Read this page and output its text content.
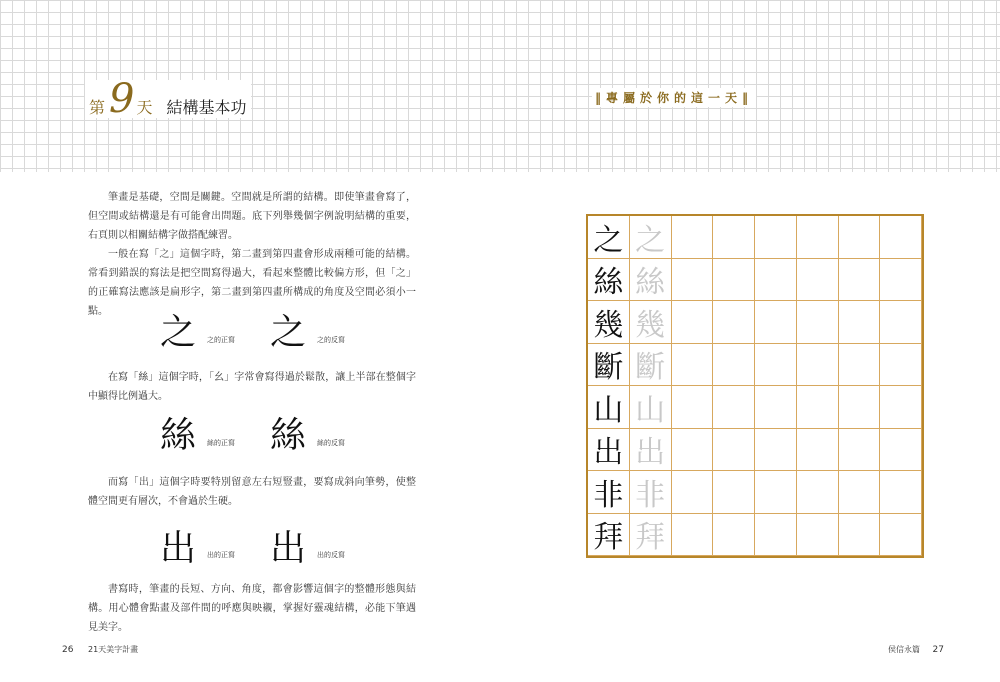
第 9 天 結構基本功	‖專屬於你的這一天‖

筆畫是基礎，空間是關鍵。空間就是所謂的結構。即使筆畫會寫了，但空間或結構還是有可能會出問題。底下列舉幾個字例說明結構的重要，右頁則以相關結構字做搭配練習。

一般在寫「之」這個字時，第二畫到第四畫會形成兩種可能的結構。常看到錯誤的寫法是把空間寫得過大，看起來整體比較偏方形，但「之」的正確寫法應該是扁形字，第二畫到第四畫所構成的角度及空間必須小一點。

之 之的正寫 之 之的反寫

在寫「絲」這個字時，「幺」字常會寫得過於鬆散，讓上半部在整個字中顯得比例過大。

絲 絲的正寫 絲 絲的反寫

而寫「出」這個字時要特別留意左右短豎畫，要寫成斜向筆勢，使整體空間更有層次，不會過於生硬。

出 出的正寫 出 出的反寫

書寫時，筆畫的長短、方向、角度，都會影響這個字的整體形態與結構。用心體會點畫及部件間的呼應與映襯，掌握好靈魂結構，必能下筆遇見美字。

之 之
絲 絲
幾 幾
斷 斷
山 山
出 出
非 非
拜 拜
26 21天美字計畫	侯信永篇 27
